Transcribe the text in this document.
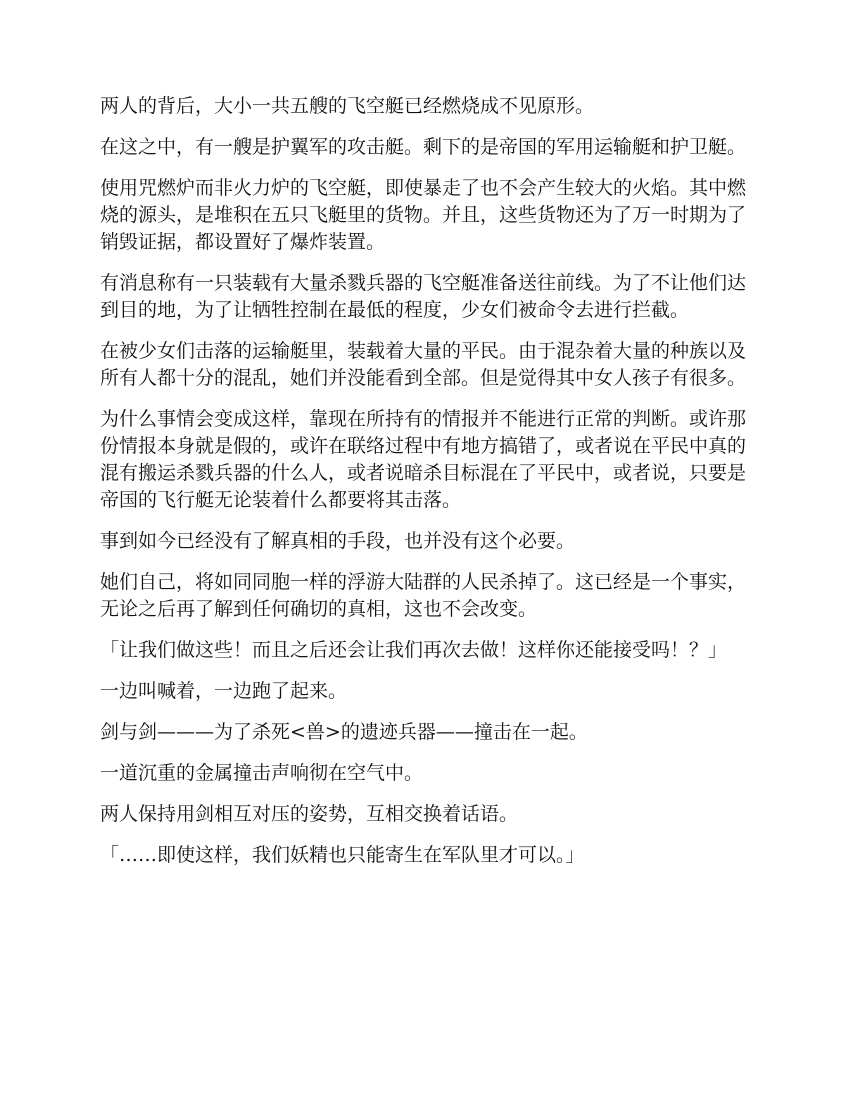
两人的背后，大小一共五艘的飞空艇已经燃烧成不见原形。

在这之中，有一艘是护翼军的攻击艇。剩下的是帝国的军用运输艇和护卫艇。

使用咒燃炉而非火力炉的飞空艇，即使暴走了也不会产生较大的火焰。其中燃烧的源头，是堆积在五只飞艇里的货物。并且，这些货物还为了万一时期为了销毁证据，都设置好了爆炸装置。

有消息称有一只装载有大量杀戮兵器的飞空艇准备送往前线。为了不让他们达到目的地，为了让牺牲控制在最低的程度，少女们被命令去进行拦截。

在被少女们击落的运输艇里，装载着大量的平民。由于混杂着大量的种族以及所有人都十分的混乱，她们并没能看到全部。但是觉得其中女人孩子有很多。

为什么事情会变成这样，靠现在所持有的情报并不能进行正常的判断。或许那份情报本身就是假的，或许在联络过程中有地方搞错了，或者说在平民中真的混有搬运杀戮兵器的什么人，或者说暗杀目标混在了平民中，或者说，只要是帝国的飞行艇无论装着什么都要将其击落。

事到如今已经没有了解真相的手段，也并没有这个必要。

她们自己，将如同同胞一样的浮游大陆群的人民杀掉了。这已经是一个事实，无论之后再了解到任何确切的真相，这也不会改变。

「让我们做这些！而且之后还会让我们再次去做！这样你还能接受吗！？」

一边叫喊着，一边跑了起来。

剑与剑———为了杀死<兽>的遗迹兵器——撞击在一起。

一道沉重的金属撞击声响彻在空气中。

两人保持用剑相互对压的姿势，互相交换着话语。

「……即使这样，我们妖精也只能寄生在军队里才可以。」
